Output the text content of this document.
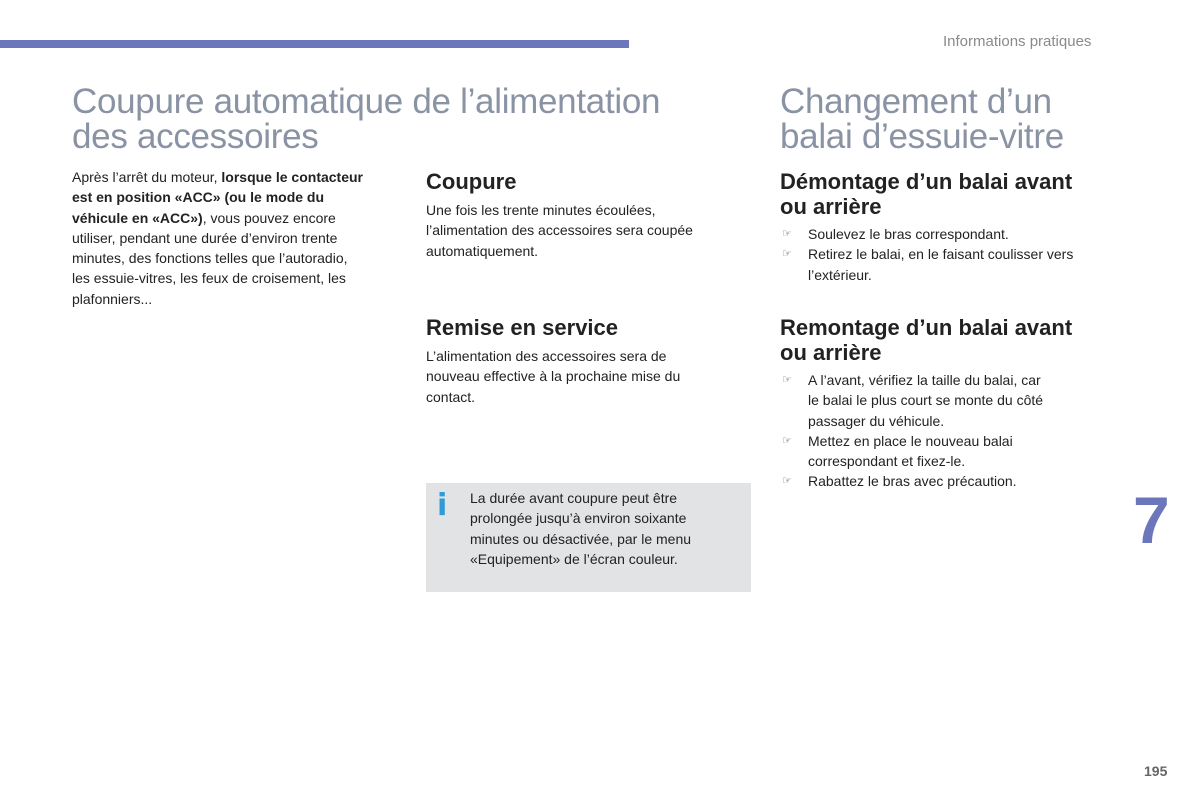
Informations pratiques
Coupure automatique de l’alimentation
des accessoires
Après l’arrêt du moteur, lorsque le contacteur
est en position «ACC» (ou le mode du
véhicule en «ACC»), vous pouvez encore
utiliser, pendant une durée d’environ trente
minutes, des fonctions telles que l’autoradio,
les essuie-vitres, les feux de croisement, les
plafonniers...
Coupure
Une fois les trente minutes écoulées,
l’alimentation des accessoires sera coupée
automatiquement.
Remise en service
L’alimentation des accessoires sera de
nouveau effective à la prochaine mise du
contact.
i La durée avant coupure peut être
prolongée jusqu’à environ soixante
minutes ou désactivée, par le menu
«Equipement» de l’écran couleur.
Changement d’un
balai d’essuie-vitre
Démontage d’un balai avant
ou arrière
☞ Soulevez le bras correspondant.
☞ Retirez le balai, en le faisant coulisser vers
l’extérieur.
Remontage d’un balai avant
ou arrière
☞ A l’avant, vérifiez la taille du balai, car
le balai le plus court se monte du côté
passager du véhicule.
☞ Mettez en place le nouveau balai
correspondant et fixez-le.
☞ Rabattez le bras avec précaution.
7
195
